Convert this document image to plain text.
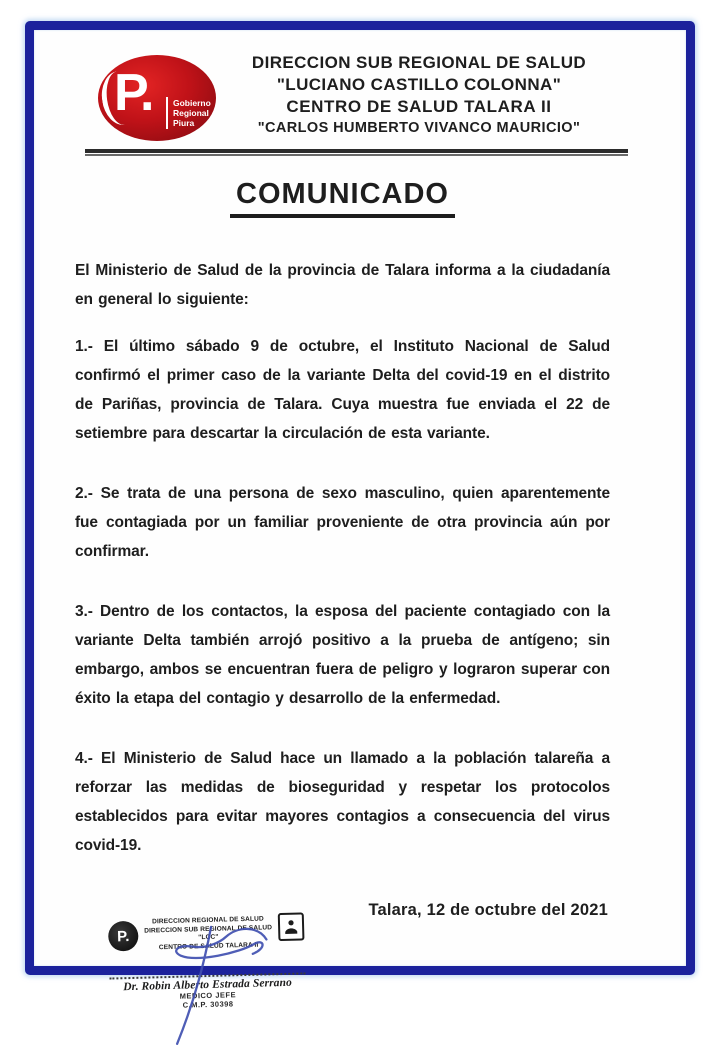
P. Gobierno
Regional
Piura
DIRECCION SUB REGIONAL DE SALUD
"LUCIANO CASTILLO COLONNA"
CENTRO DE SALUD TALARA II
"CARLOS HUMBERTO VIVANCO MAURICIO"
COMUNICADO

El Ministerio de Salud de la provincia de Talara informa a la ciudadanía en general lo siguiente:

1.- El último sábado 9 de octubre, el Instituto Nacional de Salud confirmó el primer caso de la variante Delta del covid-19 en el distrito de Pariñas, provincia de Talara. Cuya muestra fue enviada el 22 de setiembre para descartar la circulación de esta variante.

2.- Se trata de una persona de sexo masculino, quien aparentemente fue contagiada por un familiar proveniente de otra provincia aún por confirmar.

3.- Dentro de los contactos, la esposa del paciente contagiado con la variante Delta también arrojó positivo a la prueba de antígeno; sin embargo, ambos se encuentran fuera de peligro y lograron superar con éxito la etapa del contagio y desarrollo de la enfermedad.

4.- El Ministerio de Salud hace un llamado a la población talareña a reforzar las medidas de bioseguridad y respetar los protocolos establecidos para evitar mayores contagios a consecuencia del virus covid-19.

Talara, 12 de octubre del 2021
P.
DIRECCION REGIONAL DE SALUD
DIRECCION SUB REGIONAL DE SALUD "LCC"
CENTRO DE SALUD TALARA II
Dr. Robin Alberto Estrada Serrano
MEDICO JEFE
C.M.P. 30398
